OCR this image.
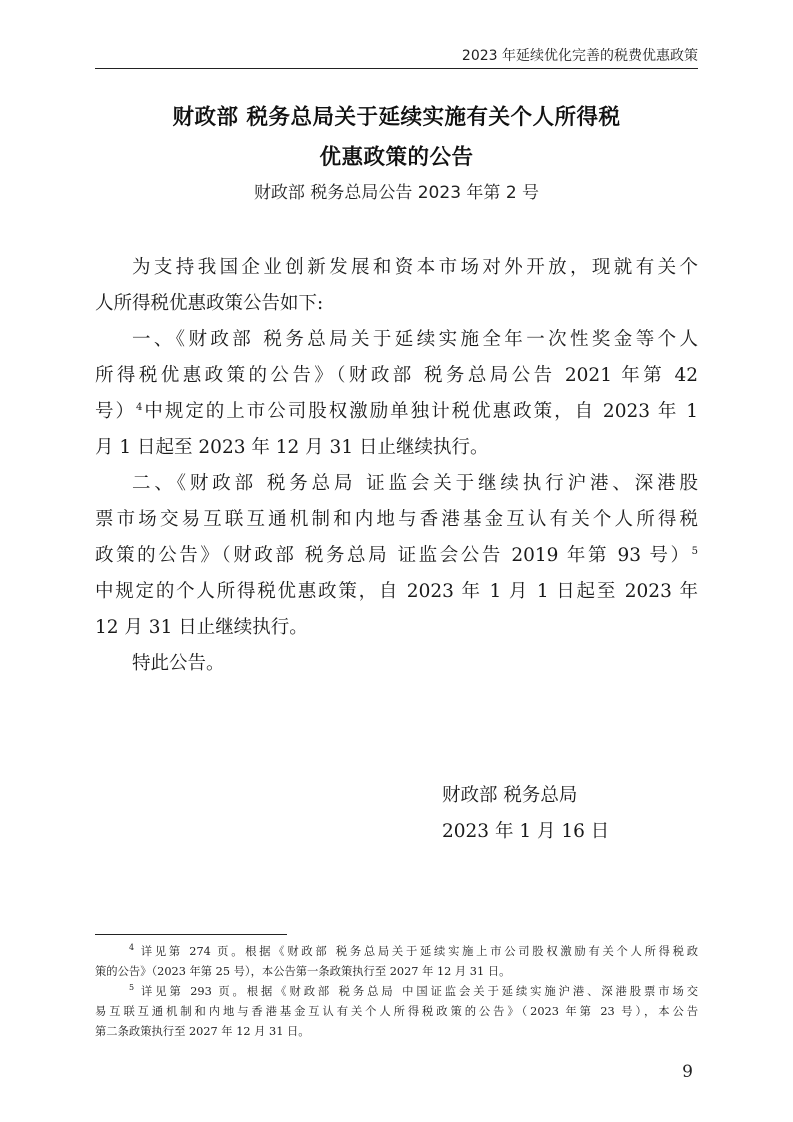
2023 年延续优化完善的税费优惠政策
财政部 税务总局关于延续实施有关个人所得税
优惠政策的公告
财政部 税务总局公告 2023 年第 2 号
为支持我国企业创新发展和资本市场对外开放，现就有关个
人所得税优惠政策公告如下:
一、《财政部 税务总局关于延续实施全年一次性奖金等个人
所得税优惠政策的公告》（财政部 税务总局公告 2021 年第 42
号）$^4$中规定的上市公司股权激励单独计税优惠政策，自 2023 年 1
月 1 日起至 2023 年 12 月 31 日止继续执行。
二、《财政部 税务总局 证监会关于继续执行沪港、深港股
票市场交易互联互通机制和内地与香港基金互认有关个人所得税
政策的公告》（财政部 税务总局 证监会公告 2019 年第 93 号）$^5$
中规定的个人所得税优惠政策，自 2023 年 1 月 1 日起至 2023 年
12 月 31 日止继续执行。
特此公告。
财政部 税务总局
2023 年 1 月 16 日
$^4$ 详见第 274 页。根据《财政部 税务总局关于延续实施上市公司股权激励有关个人所得税政
策的公告》（2023 年第 25 号），本公告第一条政策执行至 2027 年 12 月 31 日。
$^5$ 详见第 293 页。根据《财政部 税务总局 中国证监会关于延续实施沪港、深港股票市场交
易互联互通机制和内地与香港基金互认有关个人所得税政策的公告》（2023 年第 23 号），本公告
第二条政策执行至 2027 年 12 月 31 日。
9
